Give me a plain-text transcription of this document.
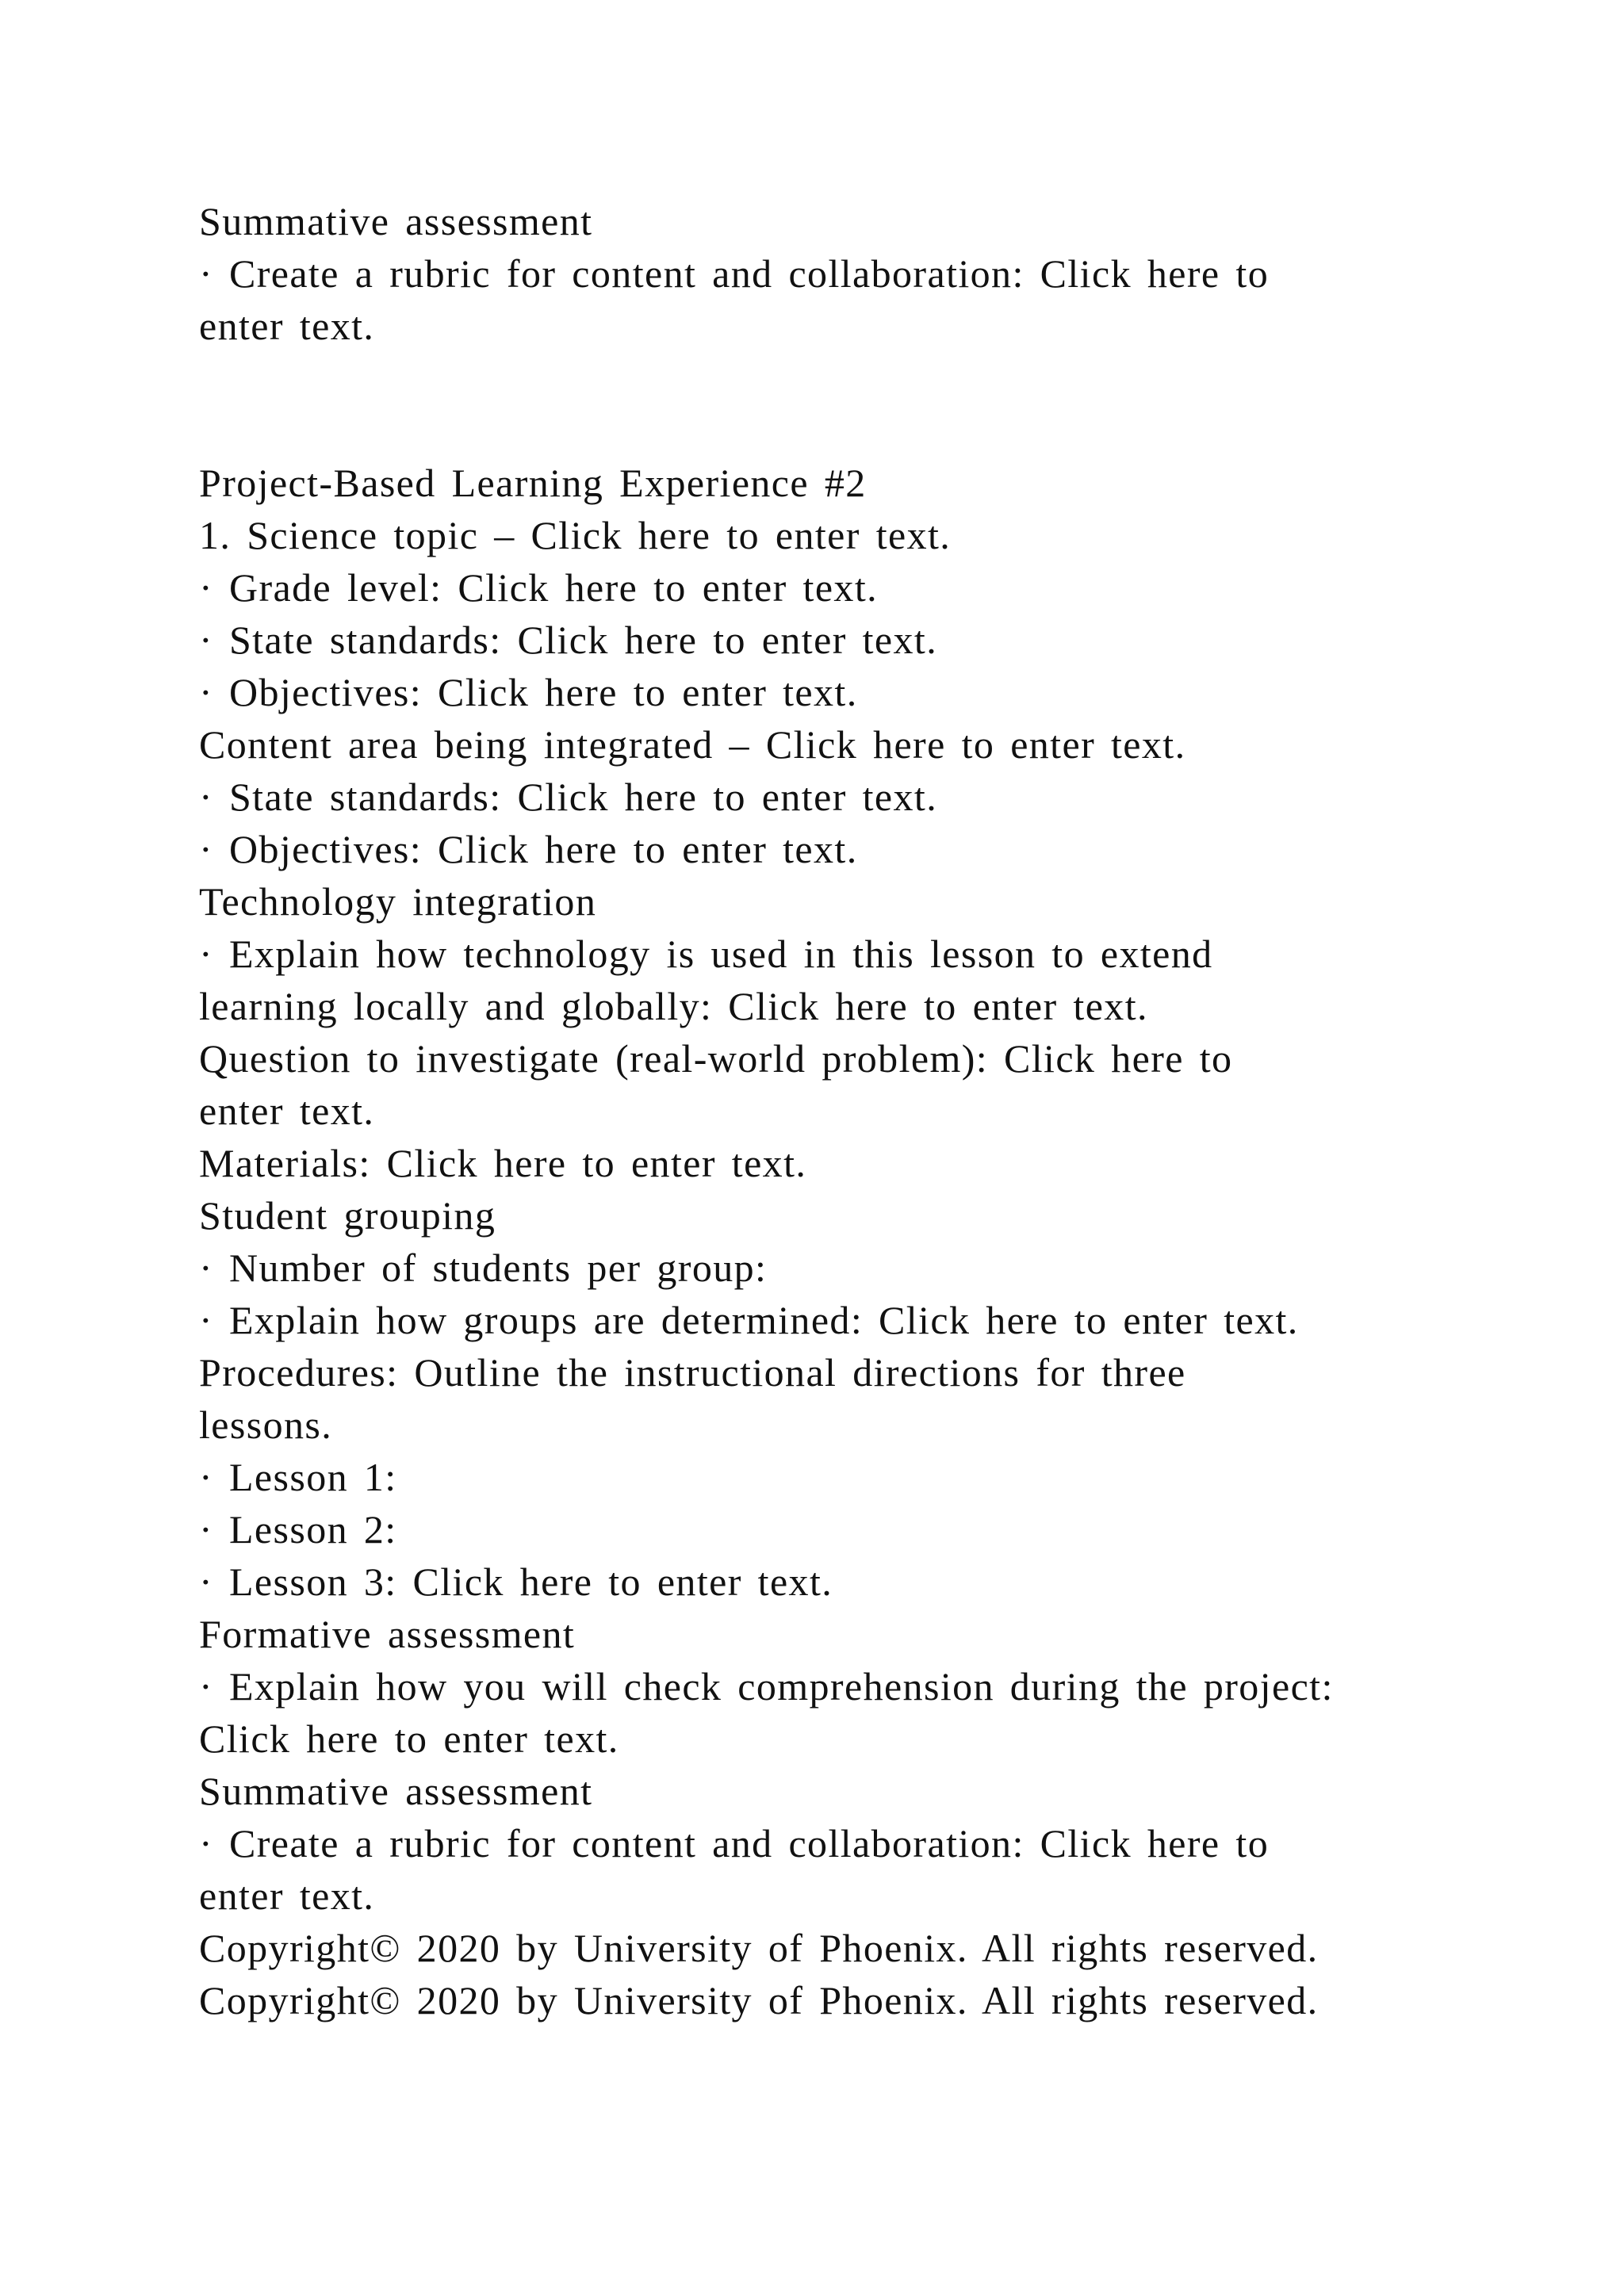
Summative assessment
· Create a rubric for content and collaboration: Click here to
enter text.
Project-Based Learning Experience #2
1. Science topic – Click here to enter text.
· Grade level: Click here to enter text.
· State standards: Click here to enter text.
· Objectives: Click here to enter text.
Content area being integrated – Click here to enter text.
· State standards: Click here to enter text.
· Objectives: Click here to enter text.
Technology integration
· Explain how technology is used in this lesson to extend
learning locally and globally: Click here to enter text.
Question to investigate (real-world problem): Click here to
enter text.
Materials: Click here to enter text.
Student grouping
· Number of students per group:
· Explain how groups are determined: Click here to enter text.
Procedures: Outline the instructional directions for three
lessons.
· Lesson 1:
· Lesson 2:
· Lesson 3: Click here to enter text.
Formative assessment
· Explain how you will check comprehension during the project:
Click here to enter text.
Summative assessment
· Create a rubric for content and collaboration: Click here to
enter text.
Copyright© 2020 by University of Phoenix. All rights reserved.
Copyright© 2020 by University of Phoenix. All rights reserved.
